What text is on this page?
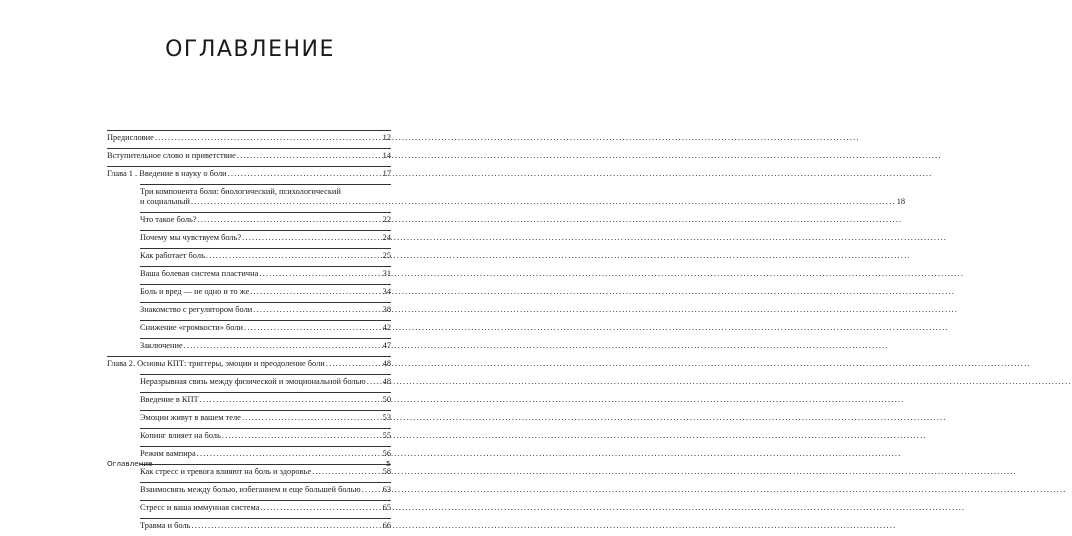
ОГЛАВЛЕНИЕ
Предисловие .....	12
Вступительное слово и приветствие .....	14
Глава 1 . Введение в науку о боли .....	17
Три компонента боли: биологический, психологический
и социальный .....	18
Что такое боль? .....	22
Почему мы чувствуем боль? .....	24
Как работает боль .....	25
Ваша болевая система пластична .....	31
Боль и вред — не одно и то же .....	34
Знакомство с регулятором боли .....	38
Снижение «громкости» боли .....	42
Заключение .....	47
Глава 2. Основы КПТ: триггеры, эмоции и преодоление боли .....	48
Неразрывная связь между физической и эмоциональной болью ..... 48
Введение в КПТ .....	50
Эмоции живут в вашем теле .....	53
Копинг влияет на боль .....	55
Режим вампира .....	56
Как стресс и тревога влияют на боль и здоровье .....	58
Взаимосвязь между болью, избеганием и еще большей болью .....	63
Стресс и ваша иммунная система .....	65
Травма и боль .....	66
Оглавление	5
